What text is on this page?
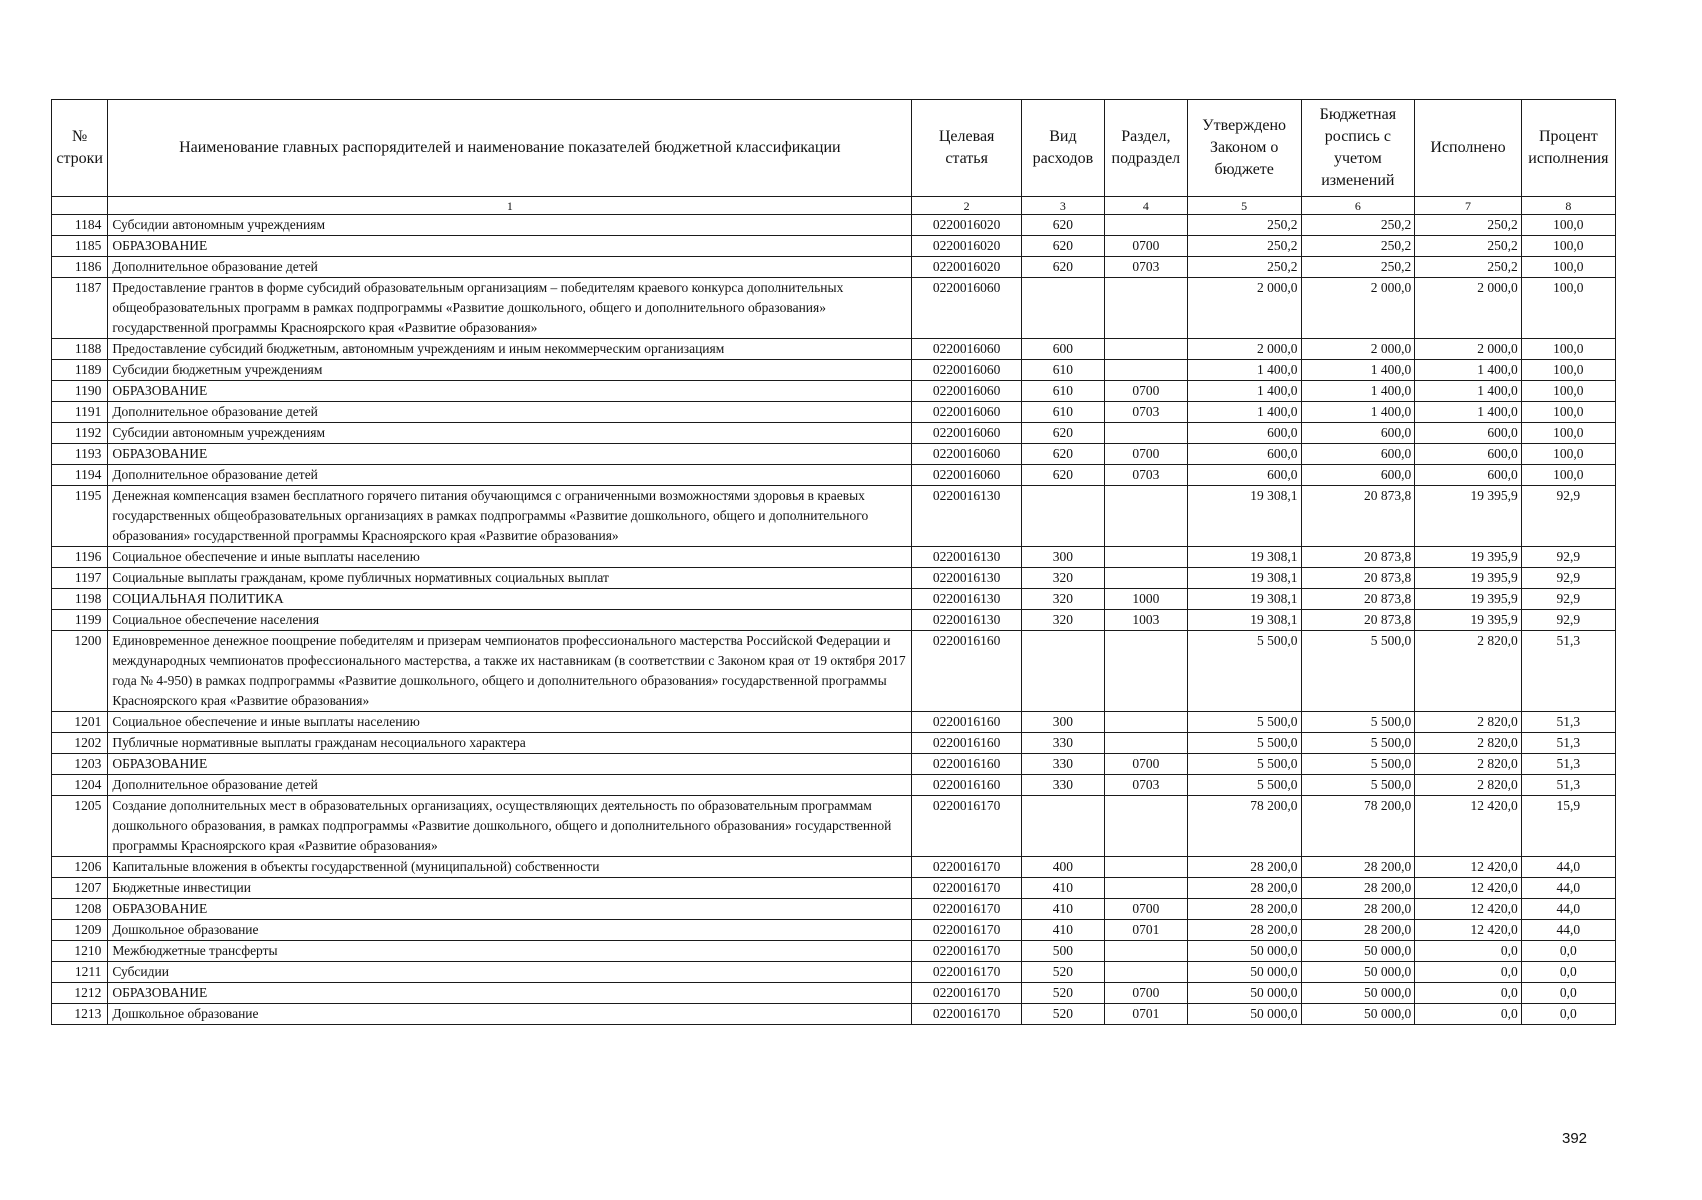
№ строки	Наименование главных распорядителей и наименование показателей бюджетной классификации	Целевая статья	Вид расходов	Раздел, подраздел	Утверждено Законом о бюджете	Бюджетная роспись с учетом изменений	Исполнено	Процент исполнения
	1	2	3	4	5	6	7	8
1184	Субсидии автономным учреждениям	0220016020	620		250,2	250,2	250,2	100,0
1185	ОБРАЗОВАНИЕ	0220016020	620	0700	250,2	250,2	250,2	100,0
1186	Дополнительное образование детей	0220016020	620	0703	250,2	250,2	250,2	100,0
1187	Предоставление грантов в форме субсидий образовательным организациям – победителям краевого конкурса дополнительных общеобразовательных программ в рамках подпрограммы «Развитие дошкольного, общего и дополнительного образования» государственной программы Красноярского края «Развитие образования»	0220016060			2 000,0	2 000,0	2 000,0	100,0
1188	Предоставление субсидий бюджетным, автономным учреждениям и иным некоммерческим организациям	0220016060	600		2 000,0	2 000,0	2 000,0	100,0
1189	Субсидии бюджетным учреждениям	0220016060	610		1 400,0	1 400,0	1 400,0	100,0
1190	ОБРАЗОВАНИЕ	0220016060	610	0700	1 400,0	1 400,0	1 400,0	100,0
1191	Дополнительное образование детей	0220016060	610	0703	1 400,0	1 400,0	1 400,0	100,0
1192	Субсидии автономным учреждениям	0220016060	620		600,0	600,0	600,0	100,0
1193	ОБРАЗОВАНИЕ	0220016060	620	0700	600,0	600,0	600,0	100,0
1194	Дополнительное образование детей	0220016060	620	0703	600,0	600,0	600,0	100,0
1195	Денежная компенсация взамен бесплатного горячего питания обучающимся с ограниченными возможностями здоровья в краевых государственных общеобразовательных организациях в рамках подпрограммы «Развитие дошкольного, общего и дополнительного образования» государственной программы Красноярского края «Развитие образования»	0220016130			19 308,1	20 873,8	19 395,9	92,9
1196	Социальное обеспечение и иные выплаты населению	0220016130	300		19 308,1	20 873,8	19 395,9	92,9
1197	Социальные выплаты гражданам, кроме публичных нормативных социальных выплат	0220016130	320		19 308,1	20 873,8	19 395,9	92,9
1198	СОЦИАЛЬНАЯ ПОЛИТИКА	0220016130	320	1000	19 308,1	20 873,8	19 395,9	92,9
1199	Социальное обеспечение населения	0220016130	320	1003	19 308,1	20 873,8	19 395,9	92,9
1200	Единовременное денежное поощрение победителям и призерам чемпионатов профессионального мастерства Российской Федерации и международных чемпионатов профессионального мастерства, а также их наставникам (в соответствии с Законом края от 19 октября 2017 года № 4-950) в рамках подпрограммы «Развитие дошкольного, общего и дополнительного образования» государственной программы Красноярского края «Развитие образования»	0220016160			5 500,0	5 500,0	2 820,0	51,3
1201	Социальное обеспечение и иные выплаты населению	0220016160	300		5 500,0	5 500,0	2 820,0	51,3
1202	Публичные нормативные выплаты гражданам несоциального характера	0220016160	330		5 500,0	5 500,0	2 820,0	51,3
1203	ОБРАЗОВАНИЕ	0220016160	330	0700	5 500,0	5 500,0	2 820,0	51,3
1204	Дополнительное образование детей	0220016160	330	0703	5 500,0	5 500,0	2 820,0	51,3
1205	Создание дополнительных мест в образовательных организациях, осуществляющих деятельность по образовательным программам дошкольного образования, в рамках подпрограммы «Развитие дошкольного, общего и дополнительного образования» государственной программы Красноярского края «Развитие образования»	0220016170			78 200,0	78 200,0	12 420,0	15,9
1206	Капитальные вложения в объекты государственной (муниципальной) собственности	0220016170	400		28 200,0	28 200,0	12 420,0	44,0
1207	Бюджетные инвестиции	0220016170	410		28 200,0	28 200,0	12 420,0	44,0
1208	ОБРАЗОВАНИЕ	0220016170	410	0700	28 200,0	28 200,0	12 420,0	44,0
1209	Дошкольное образование	0220016170	410	0701	28 200,0	28 200,0	12 420,0	44,0
1210	Межбюджетные трансферты	0220016170	500		50 000,0	50 000,0	0,0	0,0
1211	Субсидии	0220016170	520		50 000,0	50 000,0	0,0	0,0
1212	ОБРАЗОВАНИЕ	0220016170	520	0700	50 000,0	50 000,0	0,0	0,0
1213	Дошкольное образование	0220016170	520	0701	50 000,0	50 000,0	0,0	0,0
392
